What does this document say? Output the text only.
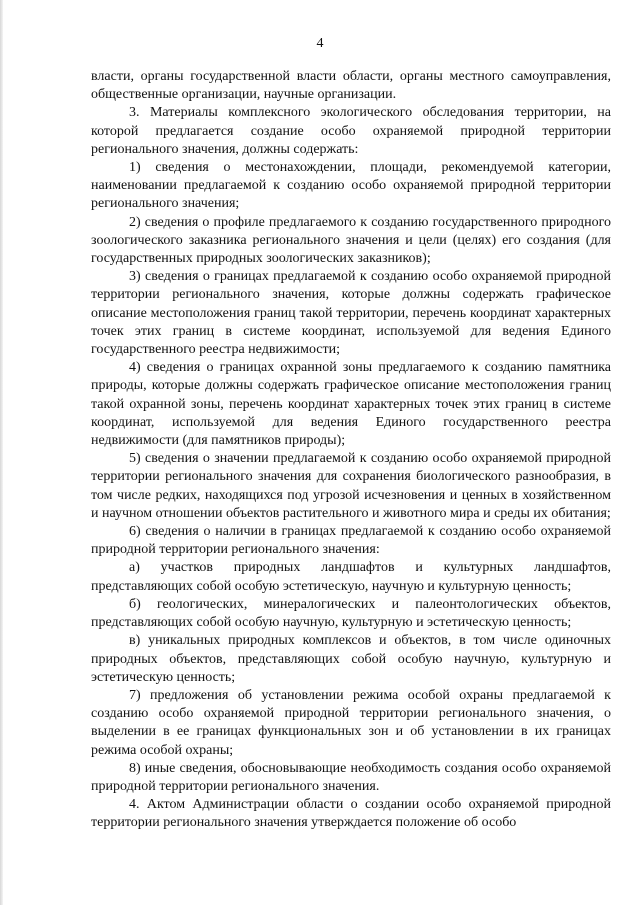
4

власти, органы государственной власти области, органы местного самоуправления, общественные организации, научные организации.

3. Материалы комплексного экологического обследования территории, на которой предлагается создание особо охраняемой природной территории регионального значения, должны содержать:

1) сведения о местонахождении, площади, рекомендуемой категории, наименовании предлагаемой к созданию особо охраняемой природной территории регионального значения;

2) сведения о профиле предлагаемого к созданию государственного природного зоологического заказника регионального значения и цели (целях) его создания (для государственных природных зоологических заказников);

3) сведения о границах предлагаемой к созданию особо охраняемой природной территории регионального значения, которые должны содержать графическое описание местоположения границ такой территории, перечень координат характерных точек этих границ в системе координат, используемой для ведения Единого государственного реестра недвижимости;

4) сведения о границах охранной зоны предлагаемого к созданию памятника природы, которые должны содержать графическое описание местоположения границ такой охранной зоны, перечень координат характерных точек этих границ в системе координат, используемой для ведения Единого государственного реестра недвижимости (для памятников природы);

5) сведения о значении предлагаемой к созданию особо охраняемой природной территории регионального значения для сохранения биологического разнообразия, в том числе редких, находящихся под угрозой исчезновения и ценных в хозяйственном и научном отношении объектов растительного и животного мира и среды их обитания;

6) сведения о наличии в границах предлагаемой к созданию особо охраняемой природной территории регионального значения:

а) участков природных ландшафтов и культурных ландшафтов, представляющих собой особую эстетическую, научную и культурную ценность;

б) геологических, минералогических и палеонтологических объектов, представляющих собой особую научную, культурную и эстетическую ценность;

в) уникальных природных комплексов и объектов, в том числе одиночных природных объектов, представляющих собой особую научную, культурную и эстетическую ценность;

7) предложения об установлении режима особой охраны предлагаемой к созданию особо охраняемой природной территории регионального значения, о выделении в ее границах функциональных зон и об установлении в их границах режима особой охраны;

8) иные сведения, обосновывающие необходимость создания особо охраняемой природной территории регионального значения.

4. Актом Администрации области о создании особо охраняемой природной территории регионального значения утверждается положение об особо
